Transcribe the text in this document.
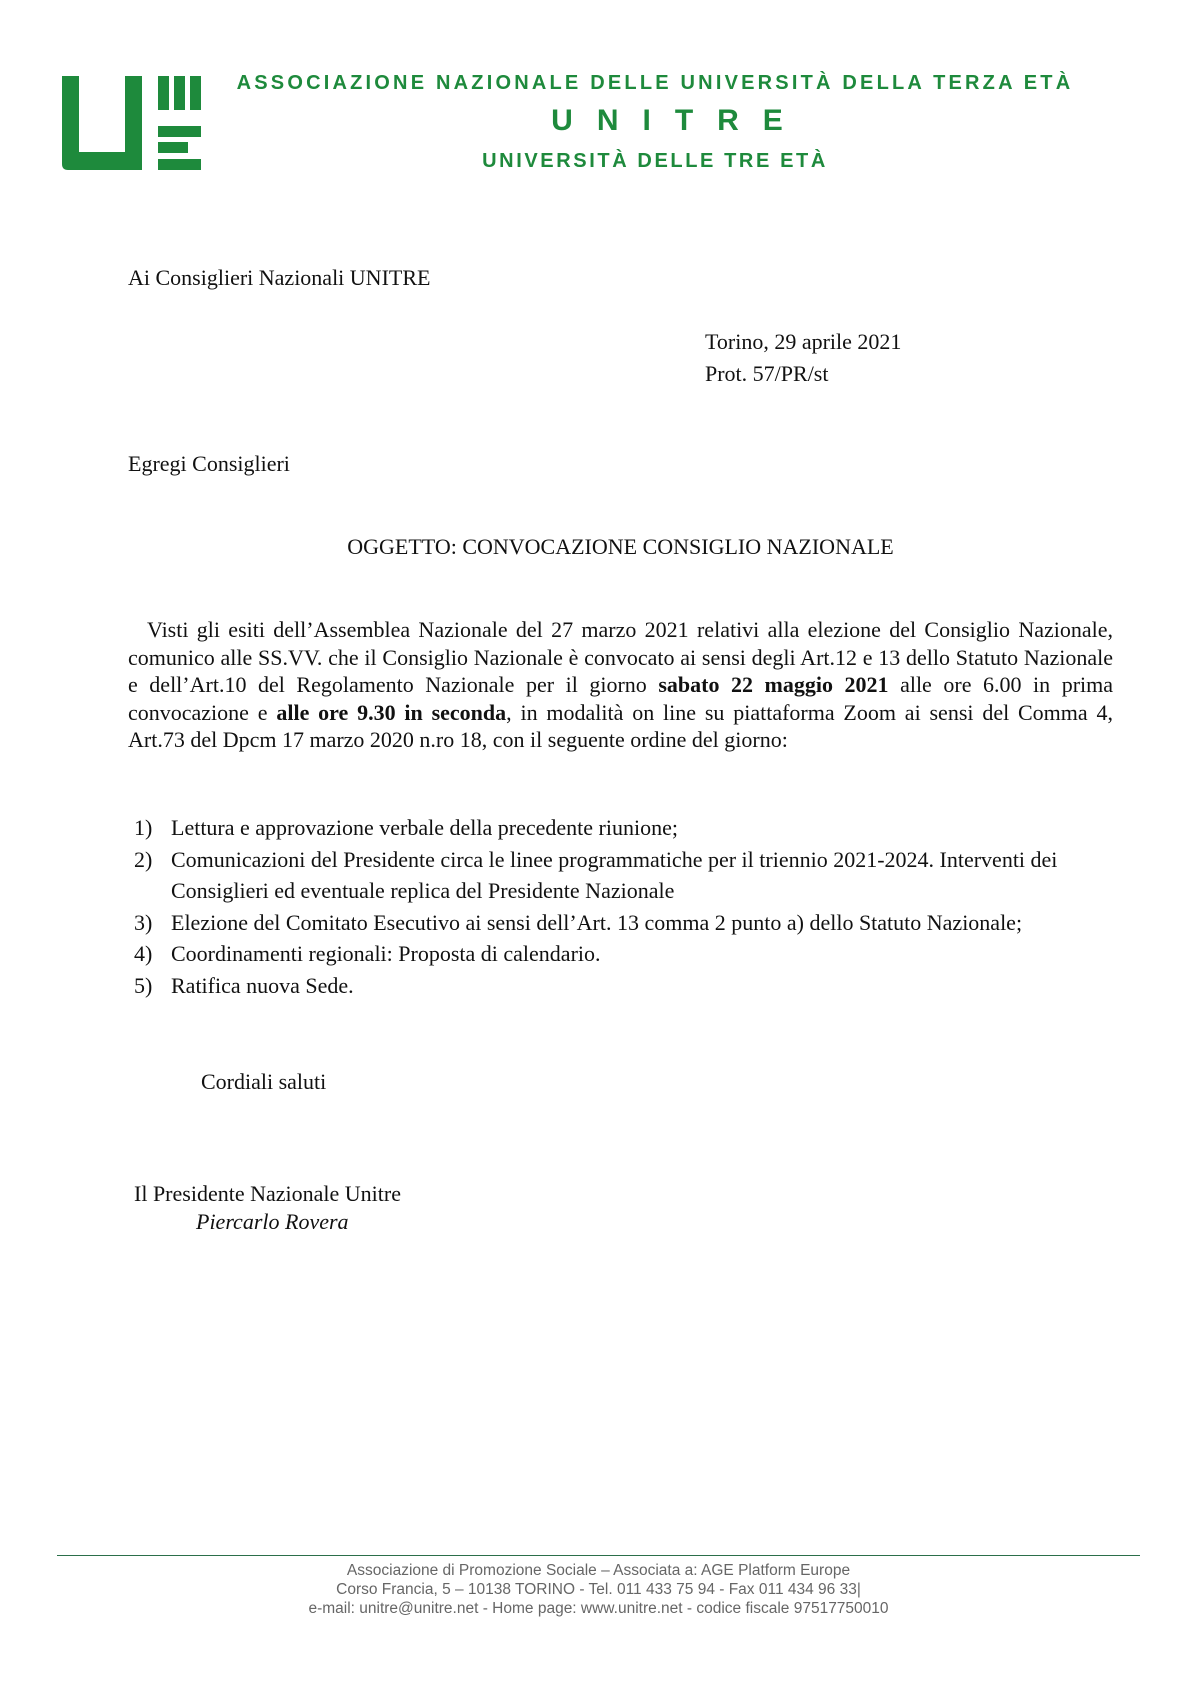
ASSOCIAZIONE NAZIONALE DELLE UNIVERSITÀ DELLA TERZA ETÀ
UNITRE
UNIVERSITÀ DELLE TRE ETÀ

Ai Consiglieri Nazionali UNITRE

Torino, 29 aprile 2021

Prot. 57/PR/st

Egregi Consiglieri

OGGETTO: CONVOCAZIONE CONSIGLIO NAZIONALE

Visti gli esiti dell’Assemblea Nazionale del 27 marzo 2021 relativi alla elezione del Consiglio Nazionale, comunico alle SS.VV. che il Consiglio Nazionale è convocato ai sensi degli Art.12 e 13 dello Statuto Nazionale e dell’Art.10 del Regolamento Nazionale per il giorno sabato 22 maggio 2021 alle ore 6.00 in prima convocazione e alle ore 9.30 in seconda, in modalità on line su piattaforma Zoom ai sensi del Comma 4, Art.73 del Dpcm 17 marzo 2020 n.ro 18, con il seguente ordine del giorno:

1) Lettura e approvazione verbale della precedente riunione;
2) Comunicazioni del Presidente circa le linee programmatiche per il triennio 2021-2024. Interventi dei Consiglieri ed eventuale replica del Presidente Nazionale
3) Elezione del Comitato Esecutivo ai sensi dell’Art. 13 comma 2 punto a) dello Statuto Nazionale;
4) Coordinamenti regionali: Proposta di calendario.
5) Ratifica nuova Sede.

Cordiali saluti

Il Presidente Nazionale Unitre

Piercarlo Rovera

Associazione di Promozione Sociale – Associata a: AGE Platform Europe
Corso Francia, 5 – 10138 TORINO - Tel. 011 433 75 94 - Fax 011 434 96 33|
e-mail: unitre@unitre.net - Home page: www.unitre.net - codice fiscale 97517750010
